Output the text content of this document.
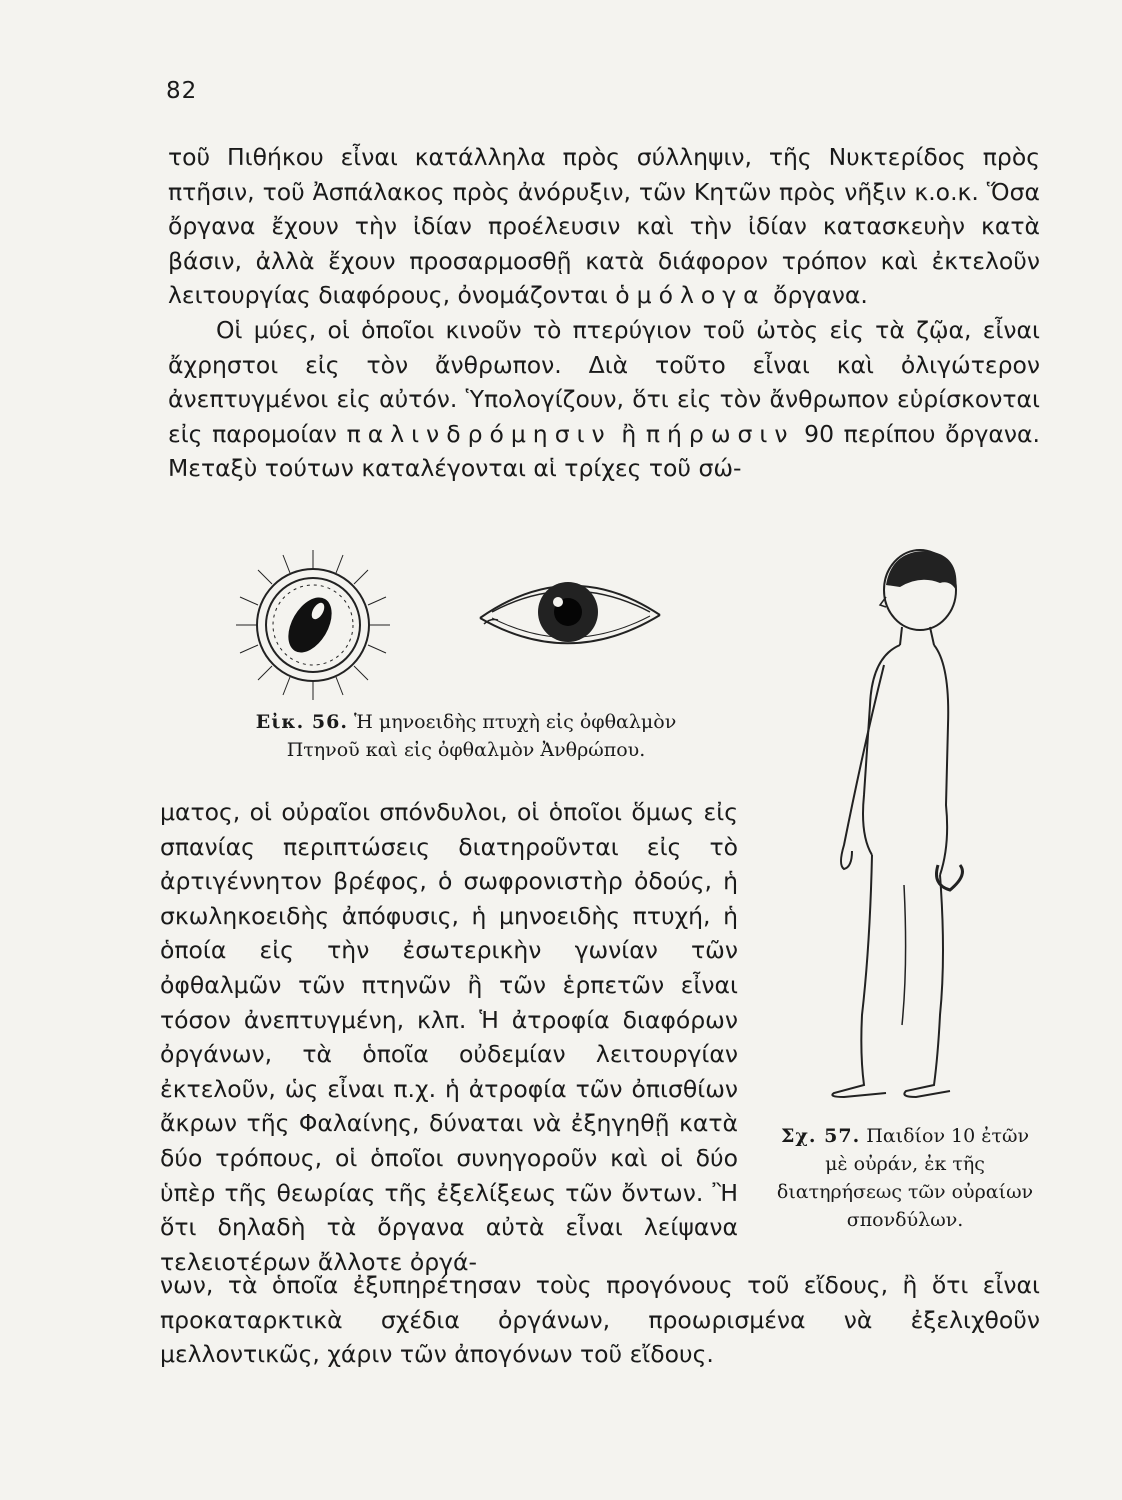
82

τοῦ Πιθήκου εἶναι κατάλληλα πρὸς σύλληψιν, τῆς Νυκτερίδος πρὸς πτῆσιν, τοῦ Ἀσπάλακος πρὸς ἀνόρυξιν, τῶν Κητῶν πρὸς νῆξιν κ.ο.κ. Ὅσα ὄργανα ἔχουν τὴν ἰδίαν προέλευσιν καὶ τὴν ἰδίαν κατασκευὴν κατὰ βάσιν, ἀλλὰ ἔχουν προσαρμοσθῇ κατὰ διάφορον τρόπον καὶ ἐκτελοῦν λειτουργίας διαφόρους, ὀνομάζονται ὁμόλογα ὄργανα.
Οἱ μύες, οἱ ὁποῖοι κινοῦν τὸ πτερύγιον τοῦ ὠτὸς εἰς τὰ ζῷα, εἶναι ἄχρηστοι εἰς τὸν ἄνθρωπον. Διὰ τοῦτο εἶναι καὶ ὀλιγώτερον ἀνεπτυγμένοι εἰς αὐτόν. Ὑπολογίζουν, ὅτι εἰς τὸν ἄνθρωπον εὑρίσκονται εἰς παρομοίαν παλινδρόμησιν ἢ πήρωσιν 90 περίπου ὄργανα. Μεταξὺ τούτων καταλέγονται αἱ τρίχες τοῦ σώ-

Εἰκ. 56. Ἡ μηνοειδὴς πτυχὴ εἰς ὀφθαλμὸν
Πτηνοῦ καὶ εἰς ὀφθαλμὸν Ἀνθρώπου.
Σχ. 57. Παιδίον 10 ἐτῶν μὲ οὐράν, ἐκ τῆς διατηρήσεως τῶν οὐραίων σπονδύλων.

ματος, οἱ οὐραῖοι σπόνδυλοι, οἱ ὁποῖοι ὅμως εἰς σπανίας περιπτώσεις διατηροῦνται εἰς τὸ ἀρτιγέννητον βρέφος, ὁ σωφρονιστὴρ ὀδούς, ἡ σκωληκοειδὴς ἀπόφυσις, ἡ μηνοειδὴς πτυχή, ἡ ὁποία εἰς τὴν ἐσωτερικὴν γωνίαν τῶν ὀφθαλμῶν τῶν πτηνῶν ἢ τῶν ἑρπετῶν εἶναι τόσον ἀνεπτυγμένη, κλπ. Ἡ ἀτροφία διαφόρων ὀργάνων, τὰ ὁποῖα οὐδεμίαν λειτουργίαν ἐκτελοῦν, ὡς εἶναι π.χ. ἡ ἀτροφία τῶν ὀπισθίων ἄκρων τῆς Φαλαίνης, δύναται νὰ ἐξηγηθῇ κατὰ δύο τρόπους, οἱ ὁποῖοι συνηγοροῦν καὶ οἱ δύο ὑπὲρ τῆς θεωρίας τῆς ἐξελίξεως τῶν ὄντων. Ἢ ὅτι δηλαδὴ τὰ ὄργανα αὐτὰ εἶναι λείψανα τελειοτέρων ἄλλοτε ὀργά-

νων, τὰ ὁποῖα ἐξυπηρέτησαν τοὺς προγόνους τοῦ εἴδους, ἢ ὅτι εἶναι προκαταρκτικὰ σχέδια ὀργάνων, προωρισμένα νὰ ἐξελιχθοῦν μελλοντικῶς, χάριν τῶν ἀπογόνων τοῦ εἴδους.
